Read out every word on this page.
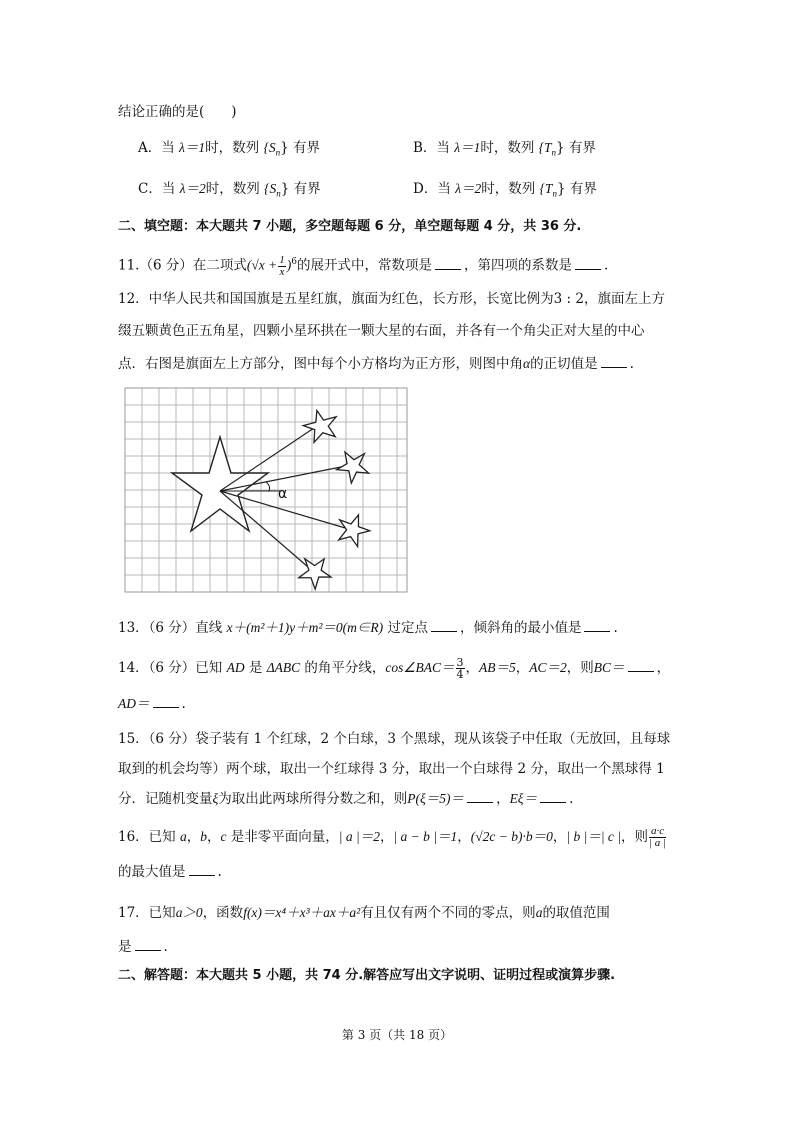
结论正确的是(　　)
A．当 λ＝1时，数列 $\{S_n\}$ 有界	B．当 λ＝1时，数列 $\{T_n\}$ 有界
C．当 λ＝2时，数列 $\{S_n\}$ 有界	D．当 λ＝2时，数列 $\{T_n\}$ 有界
二、填空题：本大题共 7 小题，多空题每题 6 分，单空题每题 4 分，共 36 分.
11.（6 分）在二项式$(√x + \frac{1}{x} )^6$的展开式中，常数项是 ，第四项的系数是 .
12．中华人民共和国国旗是五星红旗，旗面为红色，长方形，长宽比例为3 : 2，旗面左上方
缀五颗黄色正五角星，四颗小星环拱在一颗大星的右面，并各有一个角尖正对大星的中心
点．右图是旗面左上方部分，图中每个小方格均为正方形，则图中角α的正切值是 .
α
13．（6 分）直线 x＋(m²＋1)y＋m²＝0(m∈R) 过定点 ，倾斜角的最小值是 .
14．（6 分）已知 AD 是 ΔABC 的角平分线，cos∠BAC＝ $\frac{3}{4}$ ，AB＝5，AC＝2，则BC＝ ，
AD＝ .
15．（6 分）袋子装有 1 个红球，2 个白球，3 个黑球，现从该袋子中任取（无放回，且每球
取到的机会均等）两个球，取出一个红球得 3 分，取出一个白球得 2 分，取出一个黑球得 1
分．记随机变量ξ为取出此两球所得分数之和，则P(ξ＝5)＝ ，Eξ＝ .
16．已知 a，b，c 是非零平面向量，| a |＝2，| a − b |＝1，(√2c − b)·b＝0，| b |＝| c |，则 $\frac{a\cdot c}{| a |}$
的最大值是 .
17．已知a＞0，函数f(x)＝x⁴＋x³＋ax＋a²有且仅有两个不同的零点，则a的取值范围
是 .
二、解答题：本大题共 5 小题，共 74 分.解答应写出文字说明、证明过程或演算步骤.
第 3 页（共 18 页）
